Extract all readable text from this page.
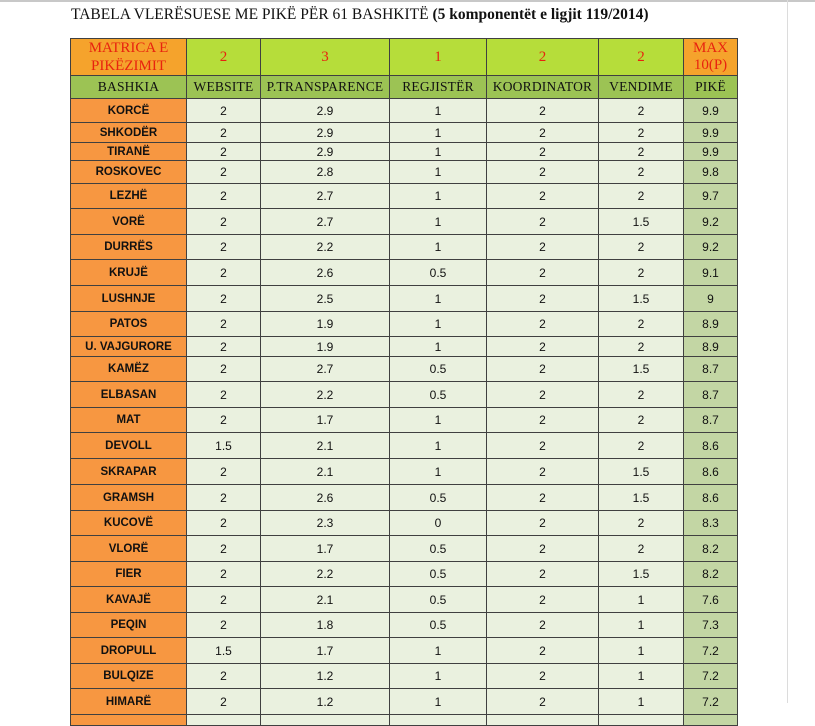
TABELA VLERËSUESE ME PIKË PËR 61 BASHKITË (5 komponentët e ligjit 119/2014)
MATRICA E
PIKËZIMIT	2	3	1	2	2	MAX
10(P)
BASHKIA	WEBSITE	P.TRANSPARENCE	REGJISTËR	KOORDINATOR	VENDIME	PIKË
KORCË	2	2.9	1	2	2	9.9
SHKODËR	2	2.9	1	2	2	9.9
TIRANË	2	2.9	1	2	2	9.9
ROSKOVEC	2	2.8	1	2	2	9.8
LEZHË	2	2.7	1	2	2	9.7
VORË	2	2.7	1	2	1.5	9.2
DURRËS	2	2.2	1	2	2	9.2
KRUJË	2	2.6	0.5	2	2	9.1
LUSHNJE	2	2.5	1	2	1.5	9
PATOS	2	1.9	1	2	2	8.9
U. VAJGURORE	2	1.9	1	2	2	8.9
KAMËZ	2	2.7	0.5	2	1.5	8.7
ELBASAN	2	2.2	0.5	2	2	8.7
MAT	2	1.7	1	2	2	8.7
DEVOLL	1.5	2.1	1	2	2	8.6
SKRAPAR	2	2.1	1	2	1.5	8.6
GRAMSH	2	2.6	0.5	2	1.5	8.6
KUCOVË	2	2.3	0	2	2	8.3
VLORË	2	1.7	0.5	2	2	8.2
FIER	2	2.2	0.5	2	1.5	8.2
KAVAJË	2	2.1	0.5	2	1	7.6
PEQIN	2	1.8	0.5	2	1	7.3
DROPULL	1.5	1.7	1	2	1	7.2
BULQIZE	2	1.2	1	2	1	7.2
HIMARË	2	1.2	1	2	1	7.2
